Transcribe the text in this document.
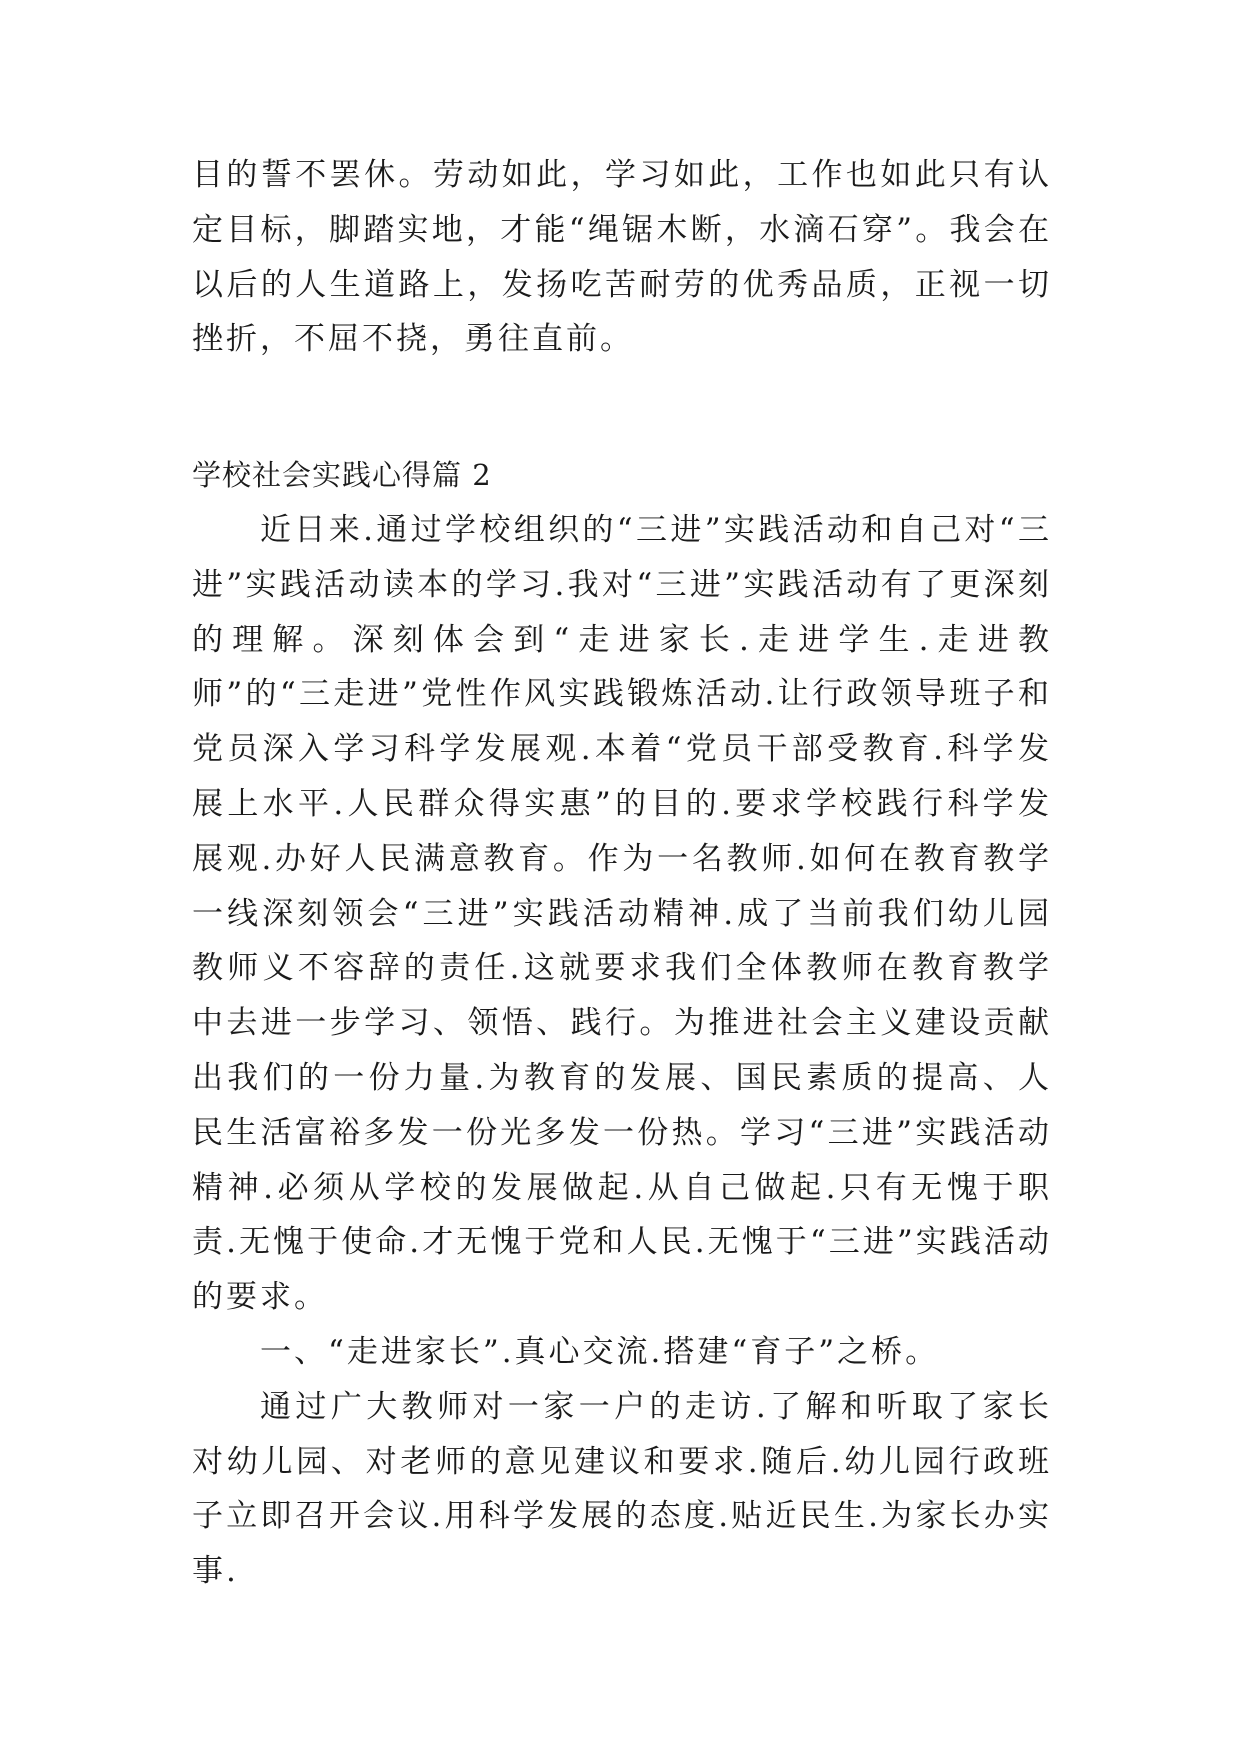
目的誓不罢休。劳动如此，学习如此，工作也如此只有认定目标，脚踏实地，才能“绳锯木断，水滴石穿”。我会在以后的人生道路上，发扬吃苦耐劳的优秀品质，正视一切挫折，不屈不挠，勇往直前。

学校社会实践心得篇 2

近日来.通过学校组织的“三进”实践活动和自己对“三进”实践活动读本的学习.我对“三进”实践活动有了更深刻的理解。深刻体会到“走进家长.走进学生.走进教师”的“三走进”党性作风实践锻炼活动.让行政领导班子和党员深入学习科学发展观.本着“党员干部受教育.科学发展上水平.人民群众得实惠”的目的.要求学校践行科学发展观.办好人民满意教育。作为一名教师.如何在教育教学一线深刻领会“三进”实践活动精神.成了当前我们幼儿园教师义不容辞的责任.这就要求我们全体教师在教育教学中去进一步学习、领悟、践行。为推进社会主义建设贡献出我们的一份力量.为教育的发展、国民素质的提高、人民生活富裕多发一份光多发一份热。学习“三进”实践活动精神.必须从学校的发展做起.从自己做起.只有无愧于职责.无愧于使命.才无愧于党和人民.无愧于“三进”实践活动的要求。

一、“走进家长”.真心交流.搭建“育子”之桥。

通过广大教师对一家一户的走访.了解和听取了家长对幼儿园、对老师的意见建议和要求.随后.幼儿园行政班子立即召开会议.用科学发展的态度.贴近民生.为家长办实事.
